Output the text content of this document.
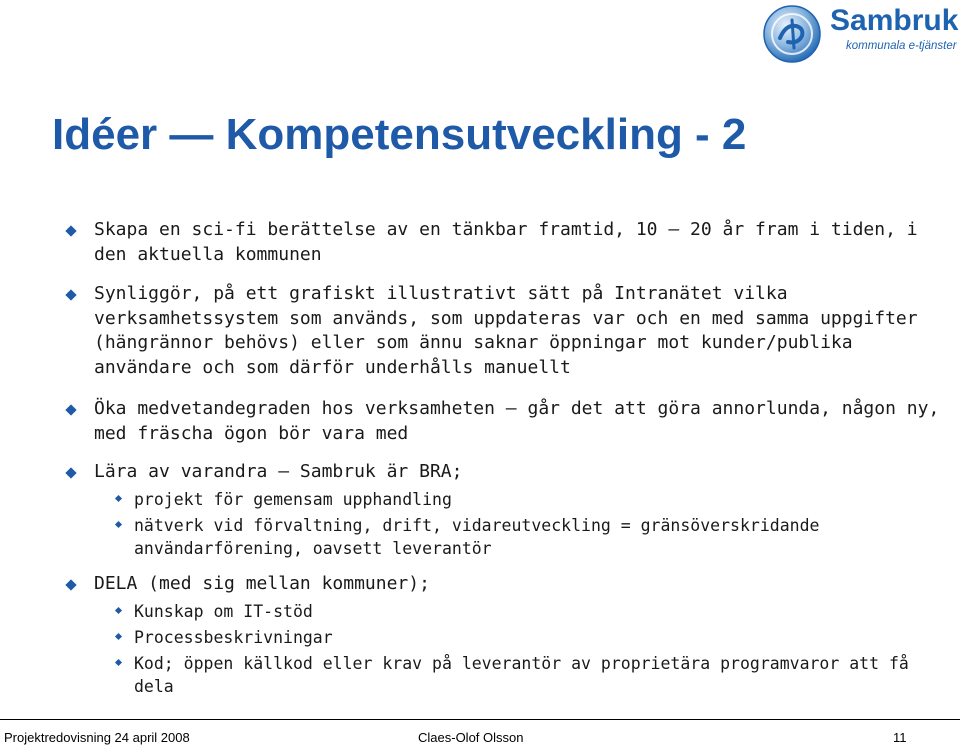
Sambruk
kommunala e-tjänster
Idéer — Kompetensutveckling - 2
Skapa en sci-fi berättelse av en tänkbar framtid, 10 — 20 år fram i tiden, i den aktuella kommunen
Synliggör, på ett grafiskt illustrativt sätt på Intranätet vilka verksamhetssystem som används, som uppdateras var och en med samma uppgifter (hängrännor behövs) eller som ännu saknar öppningar mot kunder/publika användare och som därför underhålls manuellt
Öka medvetandegraden hos verksamheten — går det att göra annorlunda, någon ny, med fräscha ögon bör vara med
Lära av varandra — Sambruk är BRA;
projekt för gemensam upphandling
nätverk vid förvaltning, drift, vidareutveckling = gränsöverskridande användarförening, oavsett leverantör
DELA (med sig mellan kommuner);
Kunskap om IT-stöd
Processbeskrivningar
Kod; öppen källkod eller krav på leverantör av proprietära programvaror att få dela
Projektredovisning 24 april 2008	Claes-Olof Olsson	11
